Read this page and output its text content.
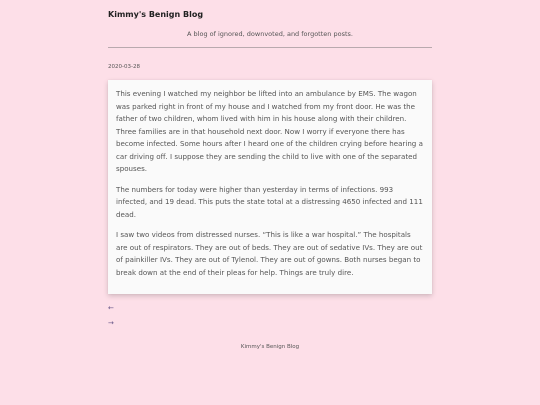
Kimmy's Benign Blog
A blog of ignored, downvoted, and forgotten posts.
2020-03-28

This evening I watched my neighbor be lifted into an ambulance by EMS. The wagon was parked right in front of my house and I watched from my front door. He was the father of two children, whom lived with him in his house along with their children. Three families are in that household next door. Now I worry if everyone there has become infected. Some hours after I heard one of the children crying before hearing a car driving off. I suppose they are sending the child to live with one of the separated spouses.

The numbers for today were higher than yesterday in terms of infections. 993 infected, and 19 dead. This puts the state total at a distressing 4650 infected and 111 dead.

I saw two videos from distressed nurses. “This is like a war hospital.” The hospitals are out of respirators. They are out of beds. They are out of sedative IVs. They are out of painkiller IVs. They are out of Tylenol. They are out of gowns. Both nurses began to break down at the end of their pleas for help. Things are truly dire.

←
→
Kimmy's Benign Blog
